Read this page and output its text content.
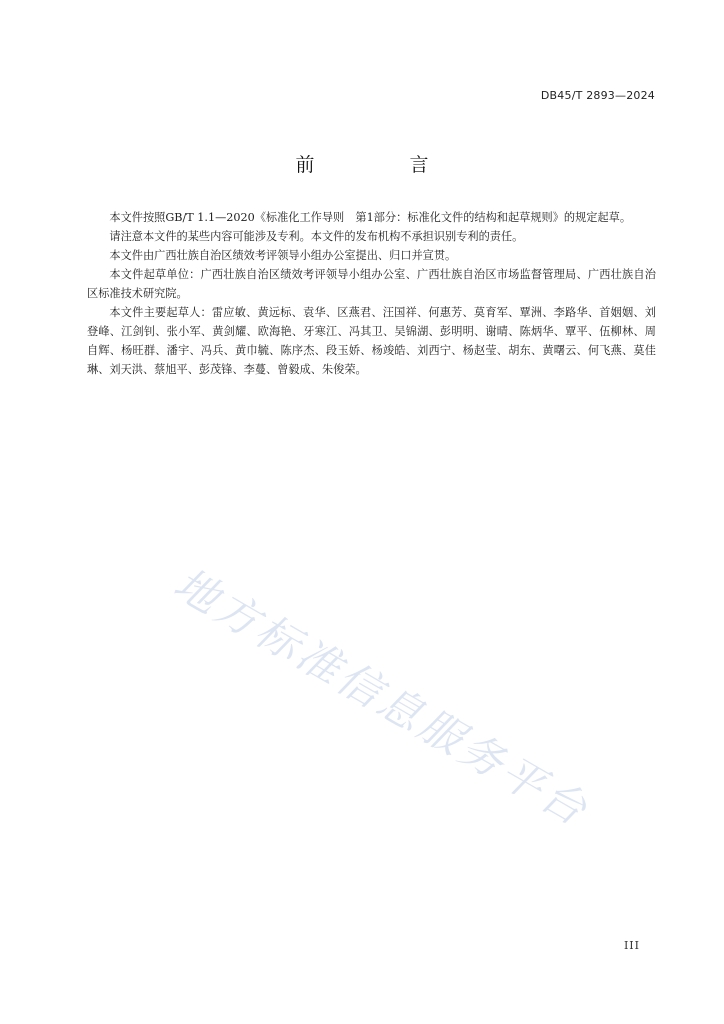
DB45/T 2893—2024
前　言

本文件按照GB/T 1.1—2020《标准化工作导则　第1部分：标准化文件的结构和起草规则》的规定起草。

请注意本文件的某些内容可能涉及专利。本文件的发布机构不承担识别专利的责任。

本文件由广西壮族自治区绩效考评领导小组办公室提出、归口并宣贯。

本文件起草单位：广西壮族自治区绩效考评领导小组办公室、广西壮族自治区市场监督管理局、广西壮族自治区标准技术研究院。

本文件主要起草人：雷应敏、黄远标、袁华、区燕君、汪国祥、何惠芳、莫育军、覃洲、李路华、首姻姻、刘登峰、江剑钊、张小军、黄剑耀、欧海艳、牙寒江、冯其卫、吴锦湖、彭明明、谢晴、陈炳华、覃平、伍柳林、周自辉、杨旺群、潘宇、冯兵、黄巾毓、陈序杰、段玉娇、杨竣皓、刘西宁、杨赵莹、胡东、黄曙云、何飞燕、莫佳琳、刘天洪、蔡旭平、彭茂锋、李蔓、曾毅成、朱俊荣。

地方标准信息服务平台
III
